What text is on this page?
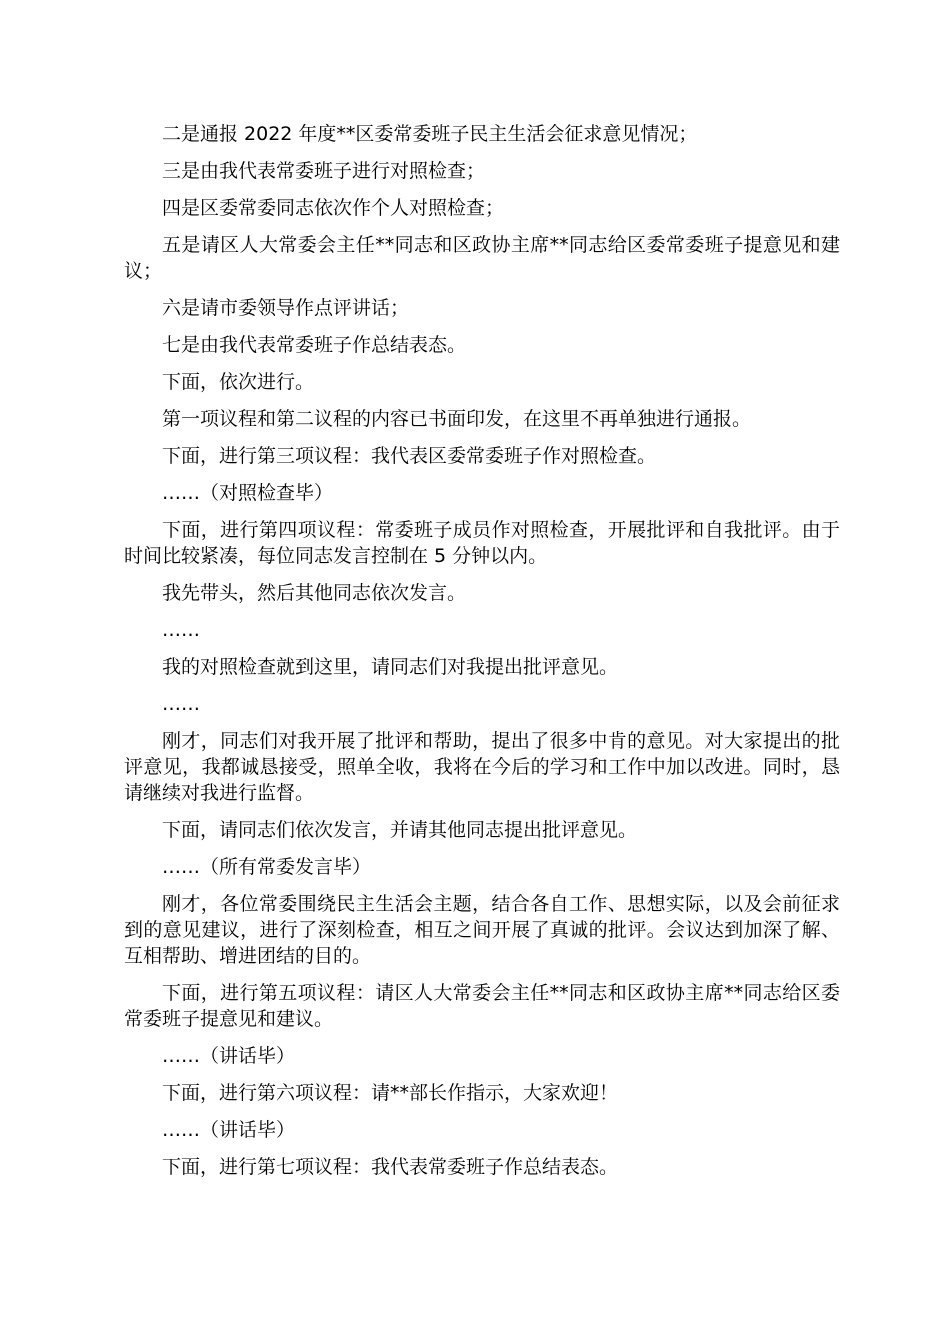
二是通报 2022 年度**区委常委班子民主生活会征求意见情况；

三是由我代表常委班子进行对照检查；

四是区委常委同志依次作个人对照检查；

五是请区人大常委会主任**同志和区政协主席**同志给区委常委班子提意见和建议；

六是请市委领导作点评讲话；

七是由我代表常委班子作总结表态。

下面，依次进行。

第一项议程和第二议程的内容已书面印发，在这里不再单独进行通报。

下面，进行第三项议程：我代表区委常委班子作对照检查。

……（对照检查毕）

下面，进行第四项议程：常委班子成员作对照检查，开展批评和自我批评。由于时间比较紧凑，每位同志发言控制在 5 分钟以内。

我先带头，然后其他同志依次发言。

……

我的对照检查就到这里，请同志们对我提出批评意见。

……

刚才，同志们对我开展了批评和帮助，提出了很多中肯的意见。对大家提出的批评意见，我都诚恳接受，照单全收，我将在今后的学习和工作中加以改进。同时，恳请继续对我进行监督。

下面，请同志们依次发言，并请其他同志提出批评意见。

……（所有常委发言毕）

刚才，各位常委围绕民主生活会主题，结合各自工作、思想实际，以及会前征求到的意见建议，进行了深刻检查，相互之间开展了真诚的批评。会议达到加深了解、互相帮助、增进团结的目的。

下面，进行第五项议程：请区人大常委会主任**同志和区政协主席**同志给区委常委班子提意见和建议。

……（讲话毕）

下面，进行第六项议程：请**部长作指示，大家欢迎！

……（讲话毕）

下面，进行第七项议程：我代表常委班子作总结表态。
